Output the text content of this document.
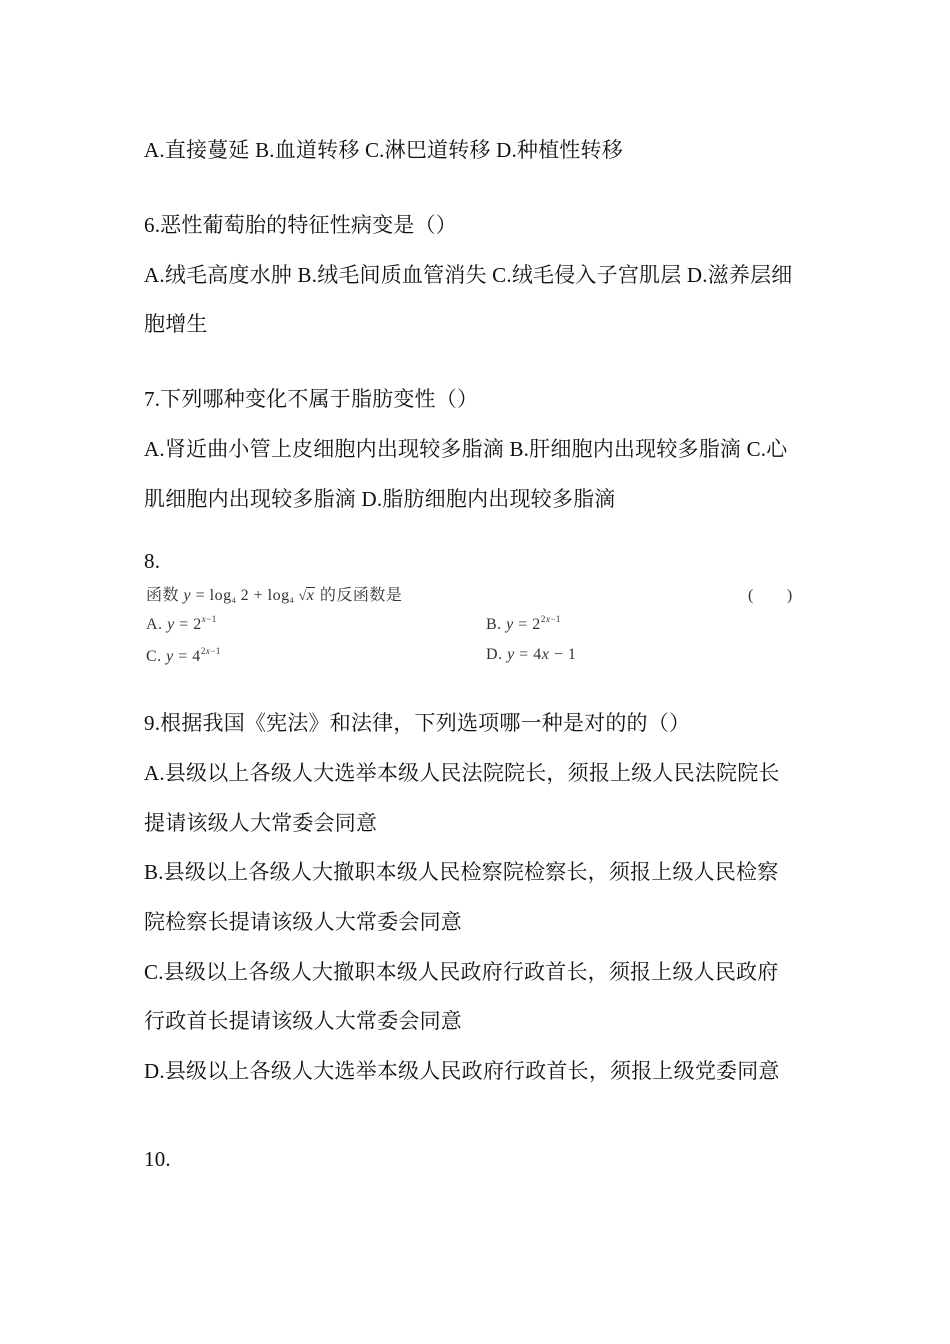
A.直接蔓延 B.血道转移 C.淋巴道转移 D.种植性转移
6.恶性葡萄胎的特征性病变是（）
A.绒毛高度水肿 B.绒毛间质血管消失 C.绒毛侵入子宫肌层 D.滋养层细
胞增生
7.下列哪种变化不属于脂肪变性（）
A.肾近曲小管上皮细胞内出现较多脂滴 B.肝细胞内出现较多脂滴 C.心
肌细胞内出现较多脂滴 D.脂肪细胞内出现较多脂滴
8.
函数 $y = \log_4 2 + \log_4 √x$ 的反函数是	(　　)
A. $y = 2^{x-1}$	B. $y = 2^{2x-1}$
C. $y = 4^{2x-1}$	D. y = 4x − 1
9.根据我国《宪法》和法律，下列选项哪一种是对的的（）
A.县级以上各级人大选举本级人民法院院长，须报上级人民法院院长
提请该级人大常委会同意
B.县级以上各级人大撤职本级人民检察院检察长，须报上级人民检察
院检察长提请该级人大常委会同意
C.县级以上各级人大撤职本级人民政府行政首长，须报上级人民政府
行政首长提请该级人大常委会同意
D.县级以上各级人大选举本级人民政府行政首长，须报上级党委同意
10.
